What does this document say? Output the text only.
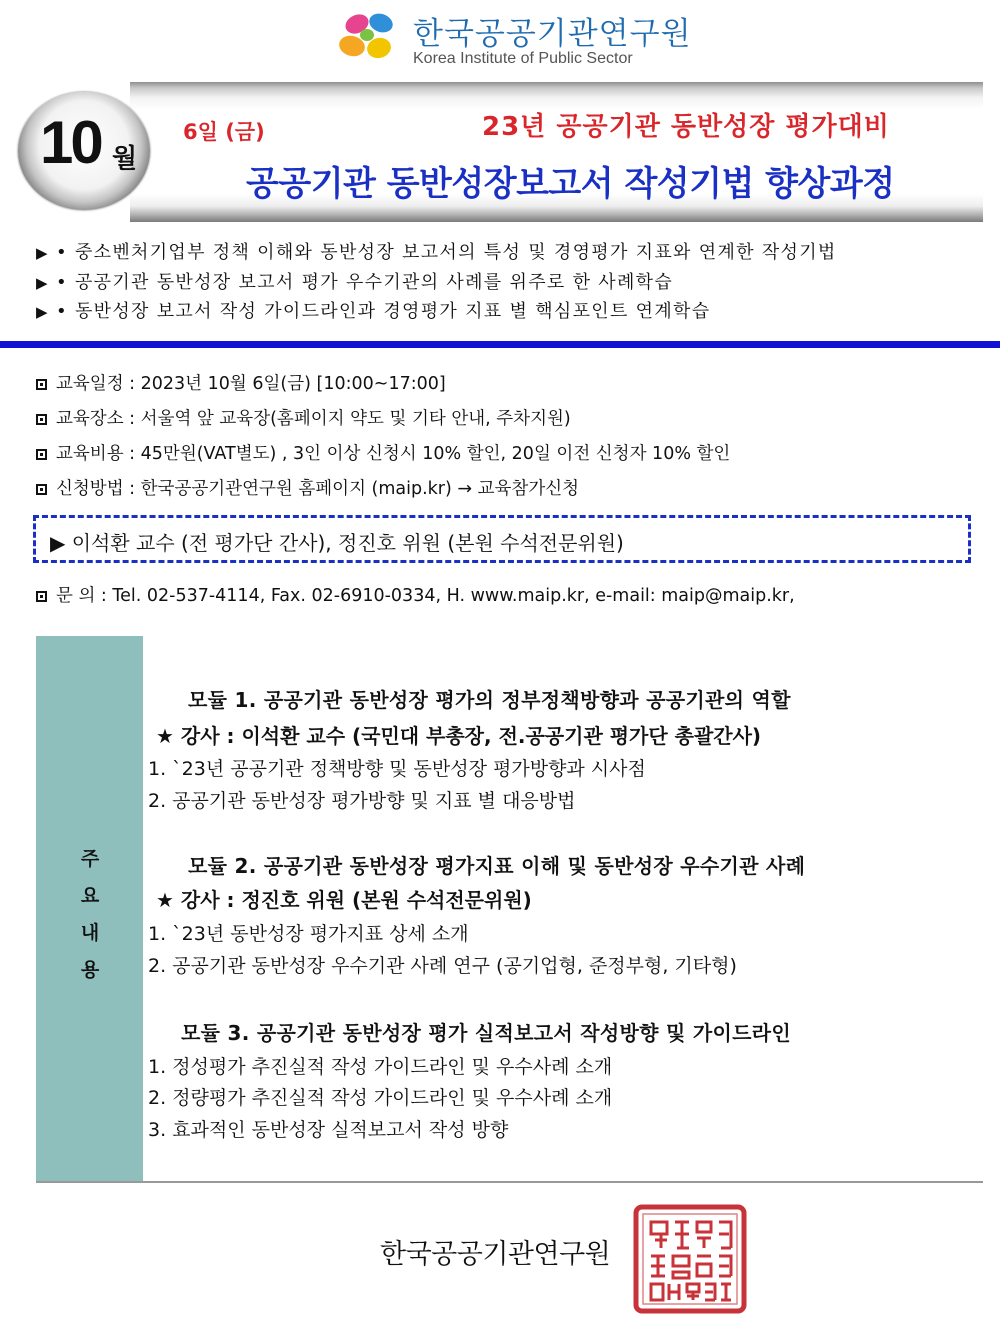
한국공공기관연구원
Korea Institute of Public Sector
10 월
6일 (금)	23년 공공기관 동반성장 평가대비
공공기관 동반성장보고서 작성기법 향상과정
▶ • 중소벤처기업부 정책 이해와 동반성장 보고서의 특성 및 경영평가 지표와 연계한 작성기법
▶ • 공공기관 동반성장 보고서 평가 우수기관의 사례를 위주로 한 사례학습
▶ • 동반성장 보고서 작성 가이드라인과 경영평가 지표 별 핵심포인트 연계학습
교육일정 : 2023년 10월 6일(금) [10:00~17:00]
교육장소 : 서울역 앞 교육장(홈페이지 약도 및 기타 안내, 주차지원)
교육비용 : 45만원(VAT별도) , 3인 이상 신청시 10% 할인, 20일 이전 신청자 10% 할인
신청방법 : 한국공공기관연구원 홈페이지 (maip.kr) → 교육참가신청
▶ 이석환 교수 (전 평가단 간사), 정진호 위원 (본원 수석전문위원)
문 의 : Tel. 02-537-4114, Fax. 02-6910-0334, H. www.maip.kr, e-mail: maip@maip.kr,
주 요 내 용
모듈 1. 공공기관 동반성장 평가의 정부정책방향과 공공기관의 역할
★ 강사 : 이석환 교수 (국민대 부총장, 전.공공기관 평가단 총괄간사)
1. `23년 공공기관 정책방향 및 동반성장 평가방향과 시사점
2. 공공기관 동반성장 평가방향 및 지표 별 대응방법
모듈 2. 공공기관 동반성장 평가지표 이해 및 동반성장 우수기관 사례
★ 강사 : 정진호 위원 (본원 수석전문위원)
1. `23년 동반성장 평가지표 상세 소개
2. 공공기관 동반성장 우수기관 사례 연구 (공기업형, 준정부형, 기타형)
모듈 3. 공공기관 동반성장 평가 실적보고서 작성방향 및 가이드라인
1. 정성평가 추진실적 작성 가이드라인 및 우수사례 소개
2. 정량평가 추진실적 작성 가이드라인 및 우수사례 소개
3. 효과적인 동반성장 실적보고서 작성 방향
한국공공기관연구원
